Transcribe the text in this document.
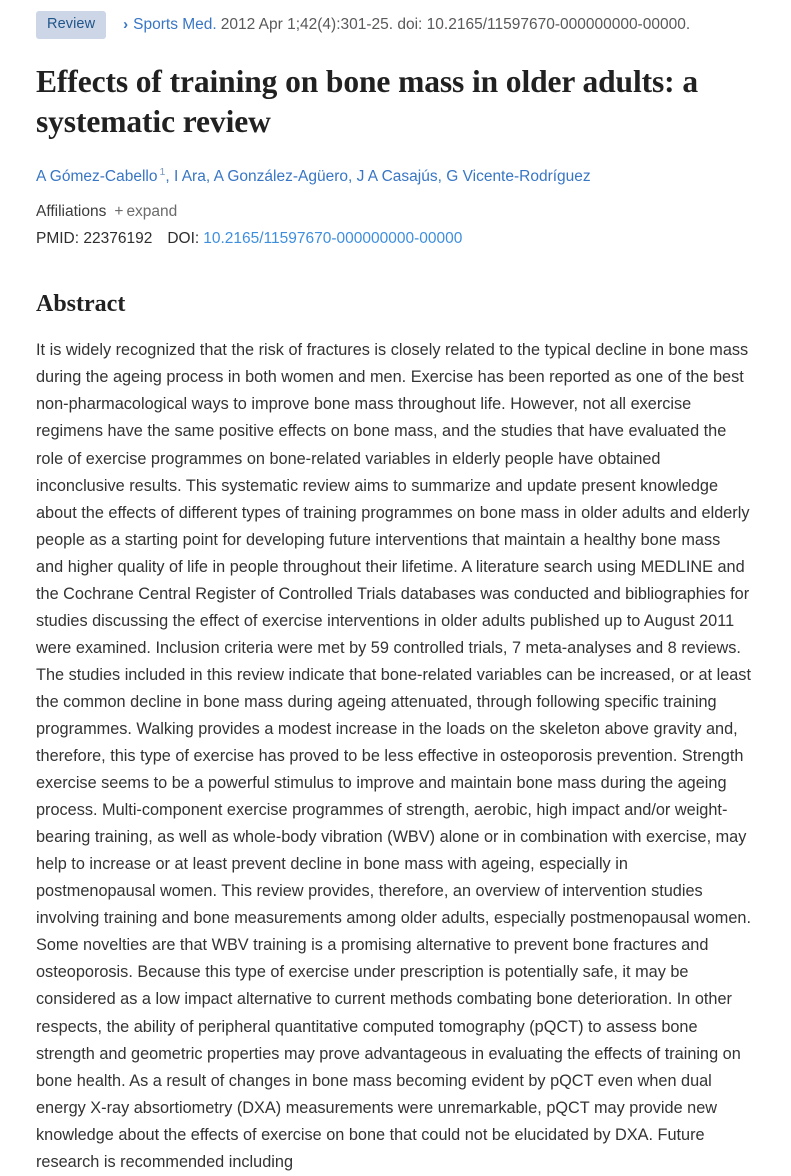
Review	› Sports Med. 2012 Apr 1;42(4):301-25. doi: 10.2165/11597670-000000000-00000.
Effects of training on bone mass in older adults: a systematic review
A Gómez-Cabello $^1$, I Ara, A González-Agüero, J A Casajús, G Vicente-Rodríguez
Affiliations + expand
PMID: 22376192 DOI: 10.2165/11597670-000000000-00000
Abstract
It is widely recognized that the risk of fractures is closely related to the typical decline in bone mass during the ageing process in both women and men. Exercise has been reported as one of the best non-pharmacological ways to improve bone mass throughout life. However, not all exercise regimens have the same positive effects on bone mass, and the studies that have evaluated the role of exercise programmes on bone-related variables in elderly people have obtained inconclusive results. This systematic review aims to summarize and update present knowledge about the effects of different types of training programmes on bone mass in older adults and elderly people as a starting point for developing future interventions that maintain a healthy bone mass and higher quality of life in people throughout their lifetime. A literature search using MEDLINE and the Cochrane Central Register of Controlled Trials databases was conducted and bibliographies for studies discussing the effect of exercise interventions in older adults published up to August 2011 were examined. Inclusion criteria were met by 59 controlled trials, 7 meta-analyses and 8 reviews. The studies included in this review indicate that bone-related variables can be increased, or at least the common decline in bone mass during ageing attenuated, through following specific training programmes. Walking provides a modest increase in the loads on the skeleton above gravity and, therefore, this type of exercise has proved to be less effective in osteoporosis prevention. Strength exercise seems to be a powerful stimulus to improve and maintain bone mass during the ageing process. Multi-component exercise programmes of strength, aerobic, high impact and/or weight-bearing training, as well as whole-body vibration (WBV) alone or in combination with exercise, may help to increase or at least prevent decline in bone mass with ageing, especially in postmenopausal women. This review provides, therefore, an overview of intervention studies involving training and bone measurements among older adults, especially postmenopausal women. Some novelties are that WBV training is a promising alternative to prevent bone fractures and osteoporosis. Because this type of exercise under prescription is potentially safe, it may be considered as a low impact alternative to current methods combating bone deterioration. In other respects, the ability of peripheral quantitative computed tomography (pQCT) to assess bone strength and geometric properties may prove advantageous in evaluating the effects of training on bone health. As a result of changes in bone mass becoming evident by pQCT even when dual energy X-ray absortiometry (DXA) measurements were unremarkable, pQCT may provide new knowledge about the effects of exercise on bone that could not be elucidated by DXA. Future research is recommended including
